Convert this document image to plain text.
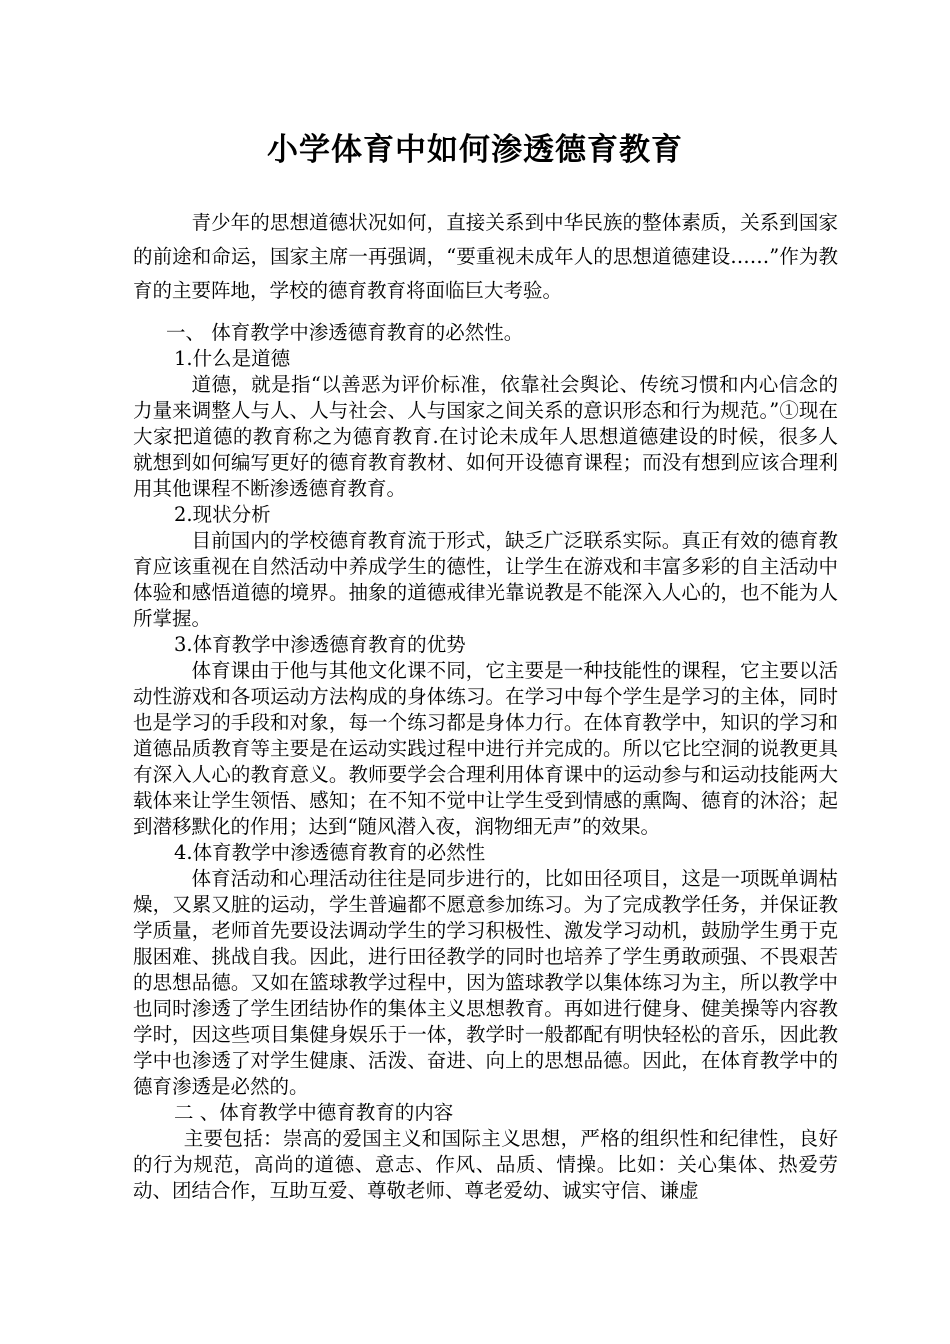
小学体育中如何渗透德育教育

青少年的思想道德状况如何，直接关系到中华民族的整体素质，关系到国家的前途和命运，国家主席一再强调，“要重视未成年人的思想道德建设……”作为教育的主要阵地，学校的德育教育将面临巨大考验。

一、 体育教学中渗透德育教育的必然性。

1.什么是道德

道德，就是指“以善恶为评价标准，依靠社会舆论、传统习惯和内心信念的力量来调整人与人、人与社会、人与国家之间关系的意识形态和行为规范。”①现在大家把道德的教育称之为德育教育.在讨论未成年人思想道德建设的时候，很多人就想到如何编写更好的德育教育教材、如何开设德育课程；而没有想到应该合理利用其他课程不断渗透德育教育。

2.现状分析

目前国内的学校德育教育流于形式，缺乏广泛联系实际。真正有效的德育教育应该重视在自然活动中养成学生的德性，让学生在游戏和丰富多彩的自主活动中体验和感悟道德的境界。抽象的道德戒律光靠说教是不能深入人心的，也不能为人所掌握。

3.体育教学中渗透德育教育的优势

体育课由于他与其他文化课不同，它主要是一种技能性的课程，它主要以活动性游戏和各项运动方法构成的身体练习。在学习中每个学生是学习的主体，同时也是学习的手段和对象，每一个练习都是身体力行。在体育教学中，知识的学习和道德品质教育等主要是在运动实践过程中进行并完成的。所以它比空洞的说教更具有深入人心的教育意义。教师要学会合理利用体育课中的运动参与和运动技能两大载体来让学生领悟、感知；在不知不觉中让学生受到情感的熏陶、德育的沐浴；起到潜移默化的作用；达到“随风潜入夜，润物细无声”的效果。

4.体育教学中渗透德育教育的必然性

体育活动和心理活动往往是同步进行的，比如田径项目，这是一项既单调枯燥，又累又脏的运动，学生普遍都不愿意参加练习。为了完成教学任务，并保证教学质量，老师首先要设法调动学生的学习积极性、激发学习动机，鼓励学生勇于克服困难、挑战自我。因此，进行田径教学的同时也培养了学生勇敢顽强、不畏艰苦的思想品德。又如在篮球教学过程中，因为篮球教学以集体练习为主，所以教学中也同时渗透了学生团结协作的集体主义思想教育。再如进行健身、健美操等内容教学时，因这些项目集健身娱乐于一体，教学时一般都配有明快轻松的音乐，因此教学中也渗透了对学生健康、活泼、奋进、向上的思想品德。因此，在体育教学中的德育渗透是必然的。

二 、体育教学中德育教育的内容

主要包括：崇高的爱国主义和国际主义思想，严格的组织性和纪律性，良好的行为规范，高尚的道德、意志、作风、品质、情操。比如：关心集体、热爱劳动、团结合作，互助互爱、尊敬老师、尊老爱幼、诚实守信、谦虚
